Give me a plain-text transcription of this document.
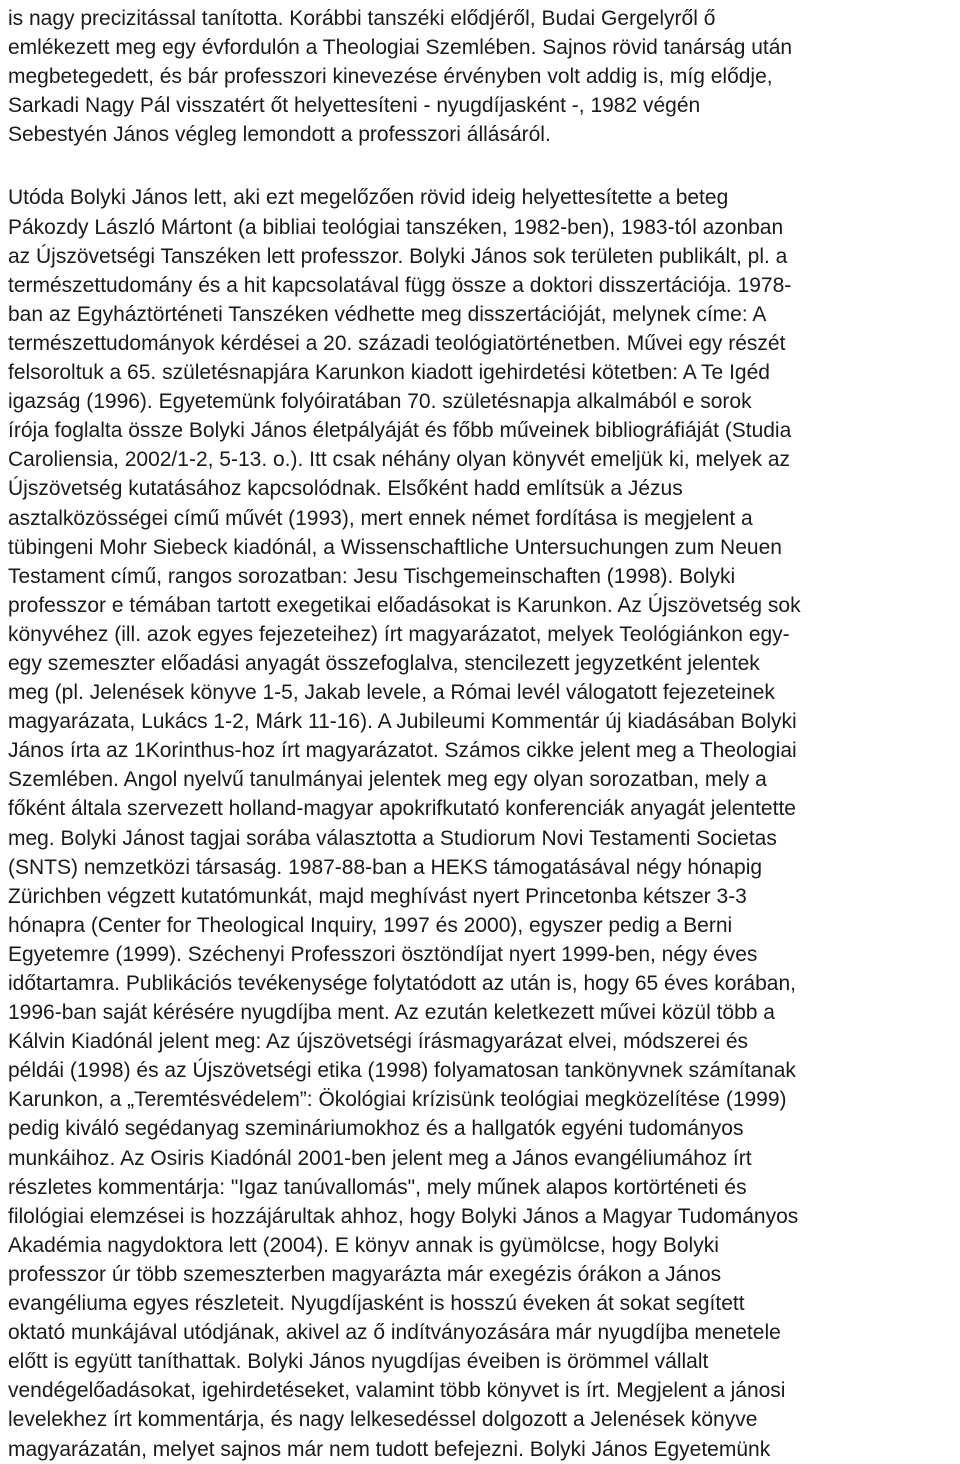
is nagy precizitással tanította. Korábbi tanszéki elődjéről, Budai Gergelyről ő
emlékezett meg egy évfordulón a Theologiai Szemlében. Sajnos rövid tanárság után
megbetegedett, és bár professzori kinevezése érvényben volt addig is, míg elődje,
Sarkadi Nagy Pál visszatért őt helyettesíteni - nyugdíjasként -, 1982 végén
Sebestyén János végleg lemondott a professzori állásáról.

Utóda Bolyki János lett, aki ezt megelőzően rövid ideig helyettesítette a beteg
Pákozdy László Mártont (a bibliai teológiai tanszéken, 1982-ben), 1983-tól azonban
az Újszövetségi Tanszéken lett professzor. Bolyki János sok területen publikált, pl. a
természettudomány és a hit kapcsolatával függ össze a doktori disszertációja. 1978-
ban az Egyháztörténeti Tanszéken védhette meg disszertációját, melynek címe: A
természettudományok kérdései a 20. századi teológiatörténetben. Művei egy részét
felsoroltuk a 65. születésnapjára Karunkon kiadott igehirdetési kötetben: A Te Igéd
igazság (1996). Egyetemünk folyóiratában 70. születésnapja alkalmából e sorok
írója foglalta össze Bolyki János életpályáját és főbb műveinek bibliográfiáját (Studia
Caroliensia, 2002/1-2, 5-13. o.). Itt csak néhány olyan könyvét emeljük ki, melyek az
Újszövetség kutatásához kapcsolódnak. Elsőként hadd említsük a Jézus
asztalközösségei című művét (1993), mert ennek német fordítása is megjelent a
tübingeni Mohr Siebeck kiadónál, a Wissenschaftliche Untersuchungen zum Neuen
Testament című, rangos sorozatban: Jesu Tischgemeinschaften (1998). Bolyki
professzor e témában tartott exegetikai előadásokat is Karunkon. Az Újszövetség sok
könyvéhez (ill. azok egyes fejezeteihez) írt magyarázatot, melyek Teológiánkon egy-
egy szemeszter előadási anyagát összefoglalva, stencilezett jegyzetként jelentek
meg (pl. Jelenések könyve 1-5, Jakab levele, a Római levél válogatott fejezeteinek
magyarázata, Lukács 1-2, Márk 11-16). A Jubileumi Kommentár új kiadásában Bolyki
János írta az 1Korinthus-hoz írt magyarázatot. Számos cikke jelent meg a Theologiai
Szemlében. Angol nyelvű tanulmányai jelentek meg egy olyan sorozatban, mely a
főként általa szervezett holland-magyar apokrifkutató konferenciák anyagát jelentette
meg. Bolyki Jánost tagjai sorába választotta a Studiorum Novi Testamenti Societas
(SNTS) nemzetközi társaság. 1987-88-ban a HEKS támogatásával négy hónapig
Zürichben végzett kutatómunkát, majd meghívást nyert Princetonba kétszer 3-3
hónapra (Center for Theological Inquiry, 1997 és 2000), egyszer pedig a Berni
Egyetemre (1999). Széchenyi Professzori ösztöndíjat nyert 1999-ben, négy éves
időtartamra. Publikációs tevékenysége folytatódott az után is, hogy 65 éves korában,
1996-ban saját kérésére nyugdíjba ment. Az ezután keletkezett művei közül több a
Kálvin Kiadónál jelent meg: Az újszövetségi írásmagyarázat elvei, módszerei és
példái (1998) és az Újszövetségi etika (1998) folyamatosan tankönyvnek számítanak
Karunkon, a „Teremtésvédelem”: Ökológiai krízisünk teológiai megközelítése (1999)
pedig kiváló segédanyag szemináriumokhoz és a hallgatók egyéni tudományos
munkáihoz. Az Osiris Kiadónál 2001-ben jelent meg a János evangéliumához írt
részletes kommentárja: "Igaz tanúvallomás", mely műnek alapos kortörténeti és
filológiai elemzései is hozzájárultak ahhoz, hogy Bolyki János a Magyar Tudományos
Akadémia nagydoktora lett (2004). E könyv annak is gyümölcse, hogy Bolyki
professzor úr több szemeszterben magyarázta már exegézis órákon a János
evangéliuma egyes részleteit. Nyugdíjasként is hosszú éveken át sokat segített
oktató munkájával utódjának, akivel az ő indítványozására már nyugdíjba menetele
előtt is együtt taníthattak. Bolyki János nyugdíjas éveiben is örömmel vállalt
vendégelőadásokat, igehirdetéseket, valamint több könyvet is írt. Megjelent a jánosi
levelekhez írt kommentárja, és nagy lelkesedéssel dolgozott a Jelenések könyve
magyarázatán, melyet sajnos már nem tudott befejezni. Bolyki János Egyetemünk
